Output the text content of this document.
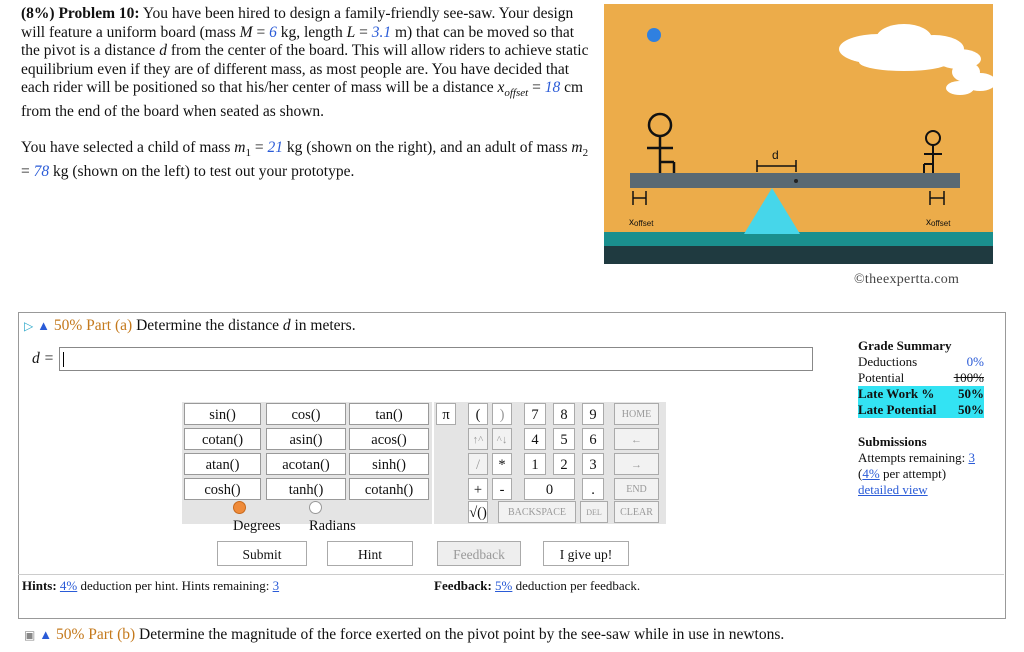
(8%) Problem 10: You have been hired to design a family-friendly see-saw. Your design will feature a uniform board (mass M = 6 kg, length L = 3.1 m) that can be moved so that the pivot is a distance d from the center of the board. This will allow riders to achieve static equilibrium even if they are of different mass, as most people are. You have decided that each rider will be positioned so that his/her center of mass will be a distance $x_{offset} = 18$ cm from the end of the board when seated as shown.

You have selected a child of mass $m_1 = 21$ kg (shown on the right), and an adult of mass $m_2 = 78$ kg (shown on the left) to test out your prototype.

d
xoffset	xoffset
©theexpertta.com
▷ ▲ 50% Part (a) Determine the distance d in meters.
d =
sin()	cos()	tan()
cotan()	asin()	acos()
atan()	acotan()	sinh()
cosh()	tanh()	cotanh()
Degrees Radians
π	(	)	7	8	9	HOME
↑^	^↓	4	5	6	←
/	*	1	2	3	→
+	-	0	.	END
√()	BACKSPACE	DEL	CLEAR
Grade Summary
Deductions	0%
Potential	100%
Late Work % 50%
Late Potential 50%
Submissions
Attempts remaining: 3
(4% per attempt)
detailed view
Submit	Hint	Feedback	I give up!
Hints: 4% deduction per hint. Hints remaining: 3	Feedback: 5% deduction per feedback.
▣ ▲ 50% Part (b) Determine the magnitude of the force exerted on the pivot point by the see-saw while in use in newtons.
